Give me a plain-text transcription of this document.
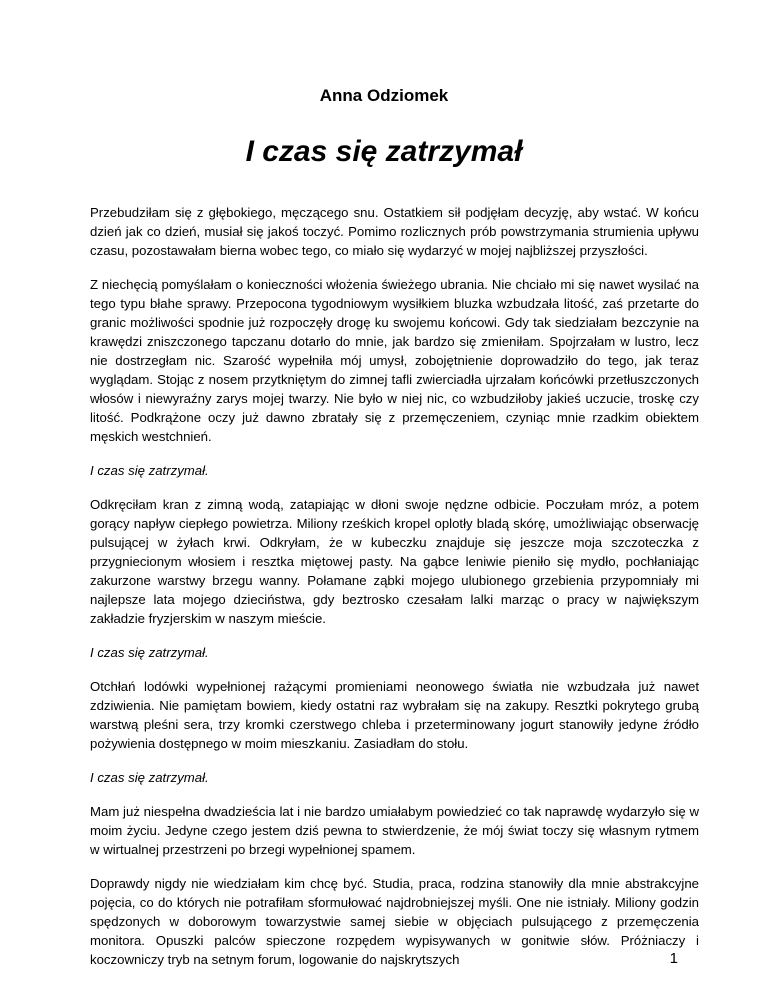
Anna Odziomek
I czas się zatrzymał

Przebudziłam się z głębokiego, męczącego snu. Ostatkiem sił podjęłam decyzję, aby wstać. W końcu dzień jak co dzień, musiał się jakoś toczyć. Pomimo rozlicznych prób powstrzymania strumienia upływu czasu, pozostawałam bierna wobec tego, co miało się wydarzyć w mojej najbliższej przyszłości.

Z niechęcią pomyślałam o konieczności włożenia świeżego ubrania. Nie chciało mi się nawet wysilać na tego typu błahe sprawy. Przepocona tygodniowym wysiłkiem bluzka wzbudzała litość, zaś przetarte do granic możliwości spodnie już rozpoczęły drogę ku swojemu końcowi. Gdy tak siedziałam bezczynie na krawędzi zniszczonego tapczanu dotarło do mnie, jak bardzo się zmieniłam. Spojrzałam w lustro, lecz nie dostrzegłam nic. Szarość wypełniła mój umysł, zobojętnienie doprowadziło do tego, jak teraz wyglądam. Stojąc z nosem przytkniętym do zimnej tafli zwierciadła ujrzałam końcówki przetłuszczonych włosów i niewyraźny zarys mojej twarzy. Nie było w niej nic, co wzbudziłoby jakieś uczucie, troskę czy litość. Podkrążone oczy już dawno zbratały się z przemęczeniem, czyniąc mnie rzadkim obiektem męskich westchnień.

I czas się zatrzymał.

Odkręciłam kran z zimną wodą, zatapiając w dłoni swoje nędzne odbicie. Poczułam mróz, a potem gorący napływ ciepłego powietrza. Miliony rześkich kropel oplotły bladą skórę, umożliwiając obserwację pulsującej w żyłach krwi. Odkryłam, że w kubeczku znajduje się jeszcze moja szczoteczka z przygniecionym włosiem i resztka miętowej pasty. Na gąbce leniwie pieniło się mydło, pochłaniając zakurzone warstwy brzegu wanny. Połamane ząbki mojego ulubionego grzebienia przypomniały mi najlepsze lata mojego dzieciństwa, gdy beztrosko czesałam lalki marząc o pracy w największym zakładzie fryzjerskim w naszym mieście.

I czas się zatrzymał.

Otchłań lodówki wypełnionej rażącymi promieniami neonowego światła nie wzbudzała już nawet zdziwienia. Nie pamiętam bowiem, kiedy ostatni raz wybrałam się na zakupy. Resztki pokrytego grubą warstwą pleśni sera, trzy kromki czerstwego chleba i przeterminowany jogurt stanowiły jedyne źródło pożywienia dostępnego w moim mieszkaniu. Zasiadłam do stołu.

I czas się zatrzymał.

Mam już niespełna dwadzieścia lat i nie bardzo umiałabym powiedzieć co tak naprawdę wydarzyło się w moim życiu. Jedyne czego jestem dziś pewna to stwierdzenie, że mój świat toczy się własnym rytmem w wirtualnej przestrzeni po brzegi wypełnionej spamem.

Doprawdy nigdy nie wiedziałam kim chcę być. Studia, praca, rodzina stanowiły dla mnie abstrakcyjne pojęcia, co do których nie potrafiłam sformułować najdrobniejszej myśli. One nie istniały. Miliony godzin spędzonych w doborowym towarzystwie samej siebie w objęciach pulsującego z przemęczenia monitora. Opuszki palców spieczone rozpędem wypisywanych w gonitwie słów. Próżniaczy i koczowniczy tryb na setnym forum, logowanie do najskrytszych	1
